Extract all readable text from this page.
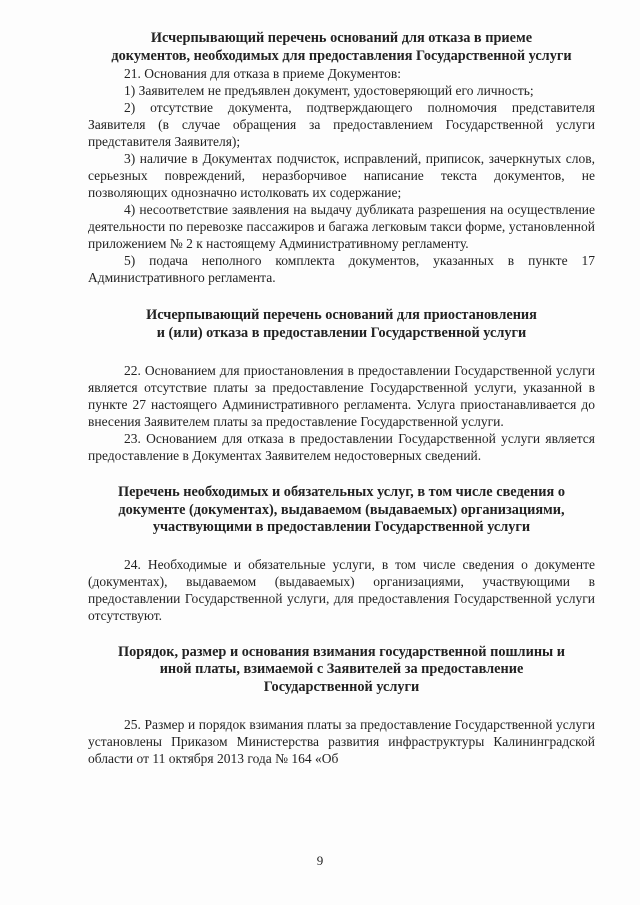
Исчерпывающий перечень оснований для отказа в приеме
документов, необходимых для предоставления Государственной услуги

21. Основания для отказа в приеме Документов:

1) Заявителем не предъявлен документ, удостоверяющий его личность;

2) отсутствие документа, подтверждающего полномочия представителя Заявителя (в случае обращения за предоставлением Государственной услуги представителя Заявителя);

3) наличие в Документах подчисток, исправлений, приписок, зачеркнутых слов, серьезных повреждений, неразборчивое написание текста документов, не позволяющих однозначно истолковать их содержание;

4) несоответствие заявления на выдачу дубликата разрешения на осуществление деятельности по перевозке пассажиров и багажа легковым такси форме, установленной приложением № 2 к настоящему Административному регламенту.

5) подача неполного комплекта документов, указанных в пункте 17 Административного регламента.

Исчерпывающий перечень оснований для приостановления
и (или) отказа в предоставлении Государственной услуги

22. Основанием для приостановления в предоставлении Государственной услуги является отсутствие платы за предоставление Государственной услуги, указанной в пункте 27 настоящего Административного регламента. Услуга приостанавливается до внесения Заявителем платы за предоставление Государственной услуги.

23. Основанием для отказа в предоставлении Государственной услуги является предоставление в Документах Заявителем недостоверных сведений.

Перечень необходимых и обязательных услуг, в том числе сведения о
документе (документах), выдаваемом (выдаваемых) организациями,
участвующими в предоставлении Государственной услуги

24. Необходимые и обязательные услуги, в том числе сведения о документе (документах), выдаваемом (выдаваемых) организациями, участвующими в предоставлении Государственной услуги, для предоставления Государственной услуги отсутствуют.

Порядок, размер и основания взимания государственной пошлины и
иной платы, взимаемой с Заявителей за предоставление
Государственной услуги

25. Размер и порядок взимания платы за предоставление Государственной услуги установлены Приказом Министерства развития инфраструктуры Калининградской области от 11 октября 2013 года № 164 «Об

9
